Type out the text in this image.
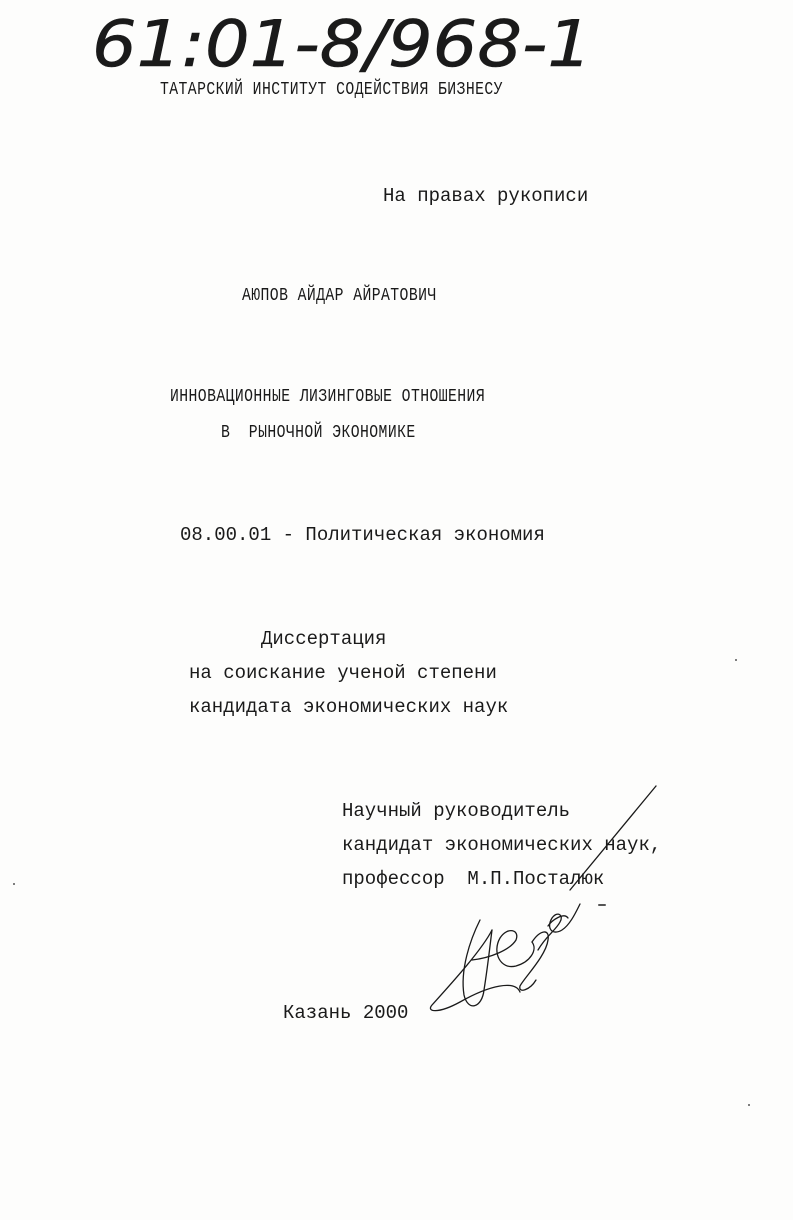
61:01-8/968-1
ТАТАРСКИЙ ИНСТИТУТ СОДЕЙСТВИЯ БИЗНЕСУ
На правах рукописи
АЮПОВ АЙДАР АЙРАТОВИЧ
ИННОВАЦИОННЫЕ ЛИЗИНГОВЫЕ ОТНОШЕНИЯ
В  РЫНОЧНОЙ ЭКОНОМИКЕ
08.00.01 - Политическая экономия
Диссертация
на соискание ученой степени
кандидата экономических наук
Научный руководитель
кандидат экономических наук,
профессор  М.П.Посталюк
Казань 2000
